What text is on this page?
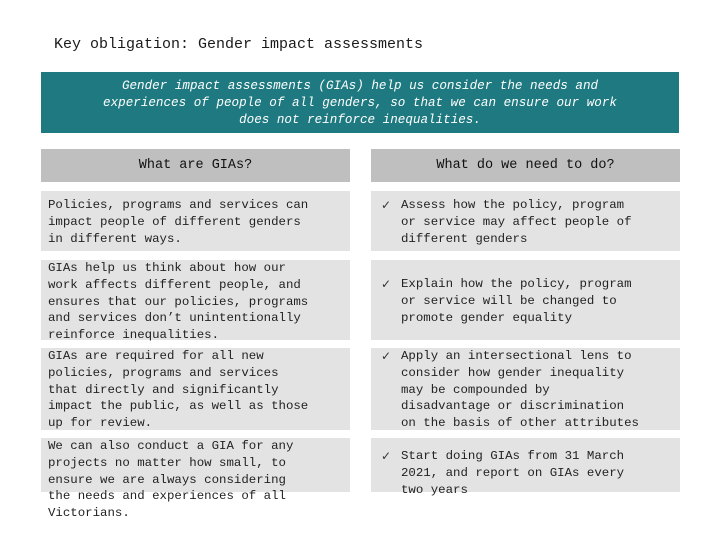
Key obligation: Gender impact assessments
Gender impact assessments (GIAs) help us consider the needs and
experiences of people of all genders, so that we can ensure our work
does not reinforce inequalities.
What are GIAs?	What do we need to do?
Policies, programs and services can
impact people of different genders
in different ways.
GIAs help us think about how our
work affects different people, and
ensures that our policies, programs
and services don’t unintentionally
reinforce inequalities.
GIAs are required for all new
policies, programs and services
that directly and significantly
impact the public, as well as those
up for review.
We can also conduct a GIA for any
projects no matter how small, to
ensure we are always considering
the needs and experiences of all
Victorians.
✓ Assess how the policy, program
or service may affect people of
different genders
✓ Explain how the policy, program
or service will be changed to
promote gender equality
✓ Apply an intersectional lens to
consider how gender inequality
may be compounded by
disadvantage or discrimination
on the basis of other attributes
✓ Start doing GIAs from 31 March
2021, and report on GIAs every
two years
